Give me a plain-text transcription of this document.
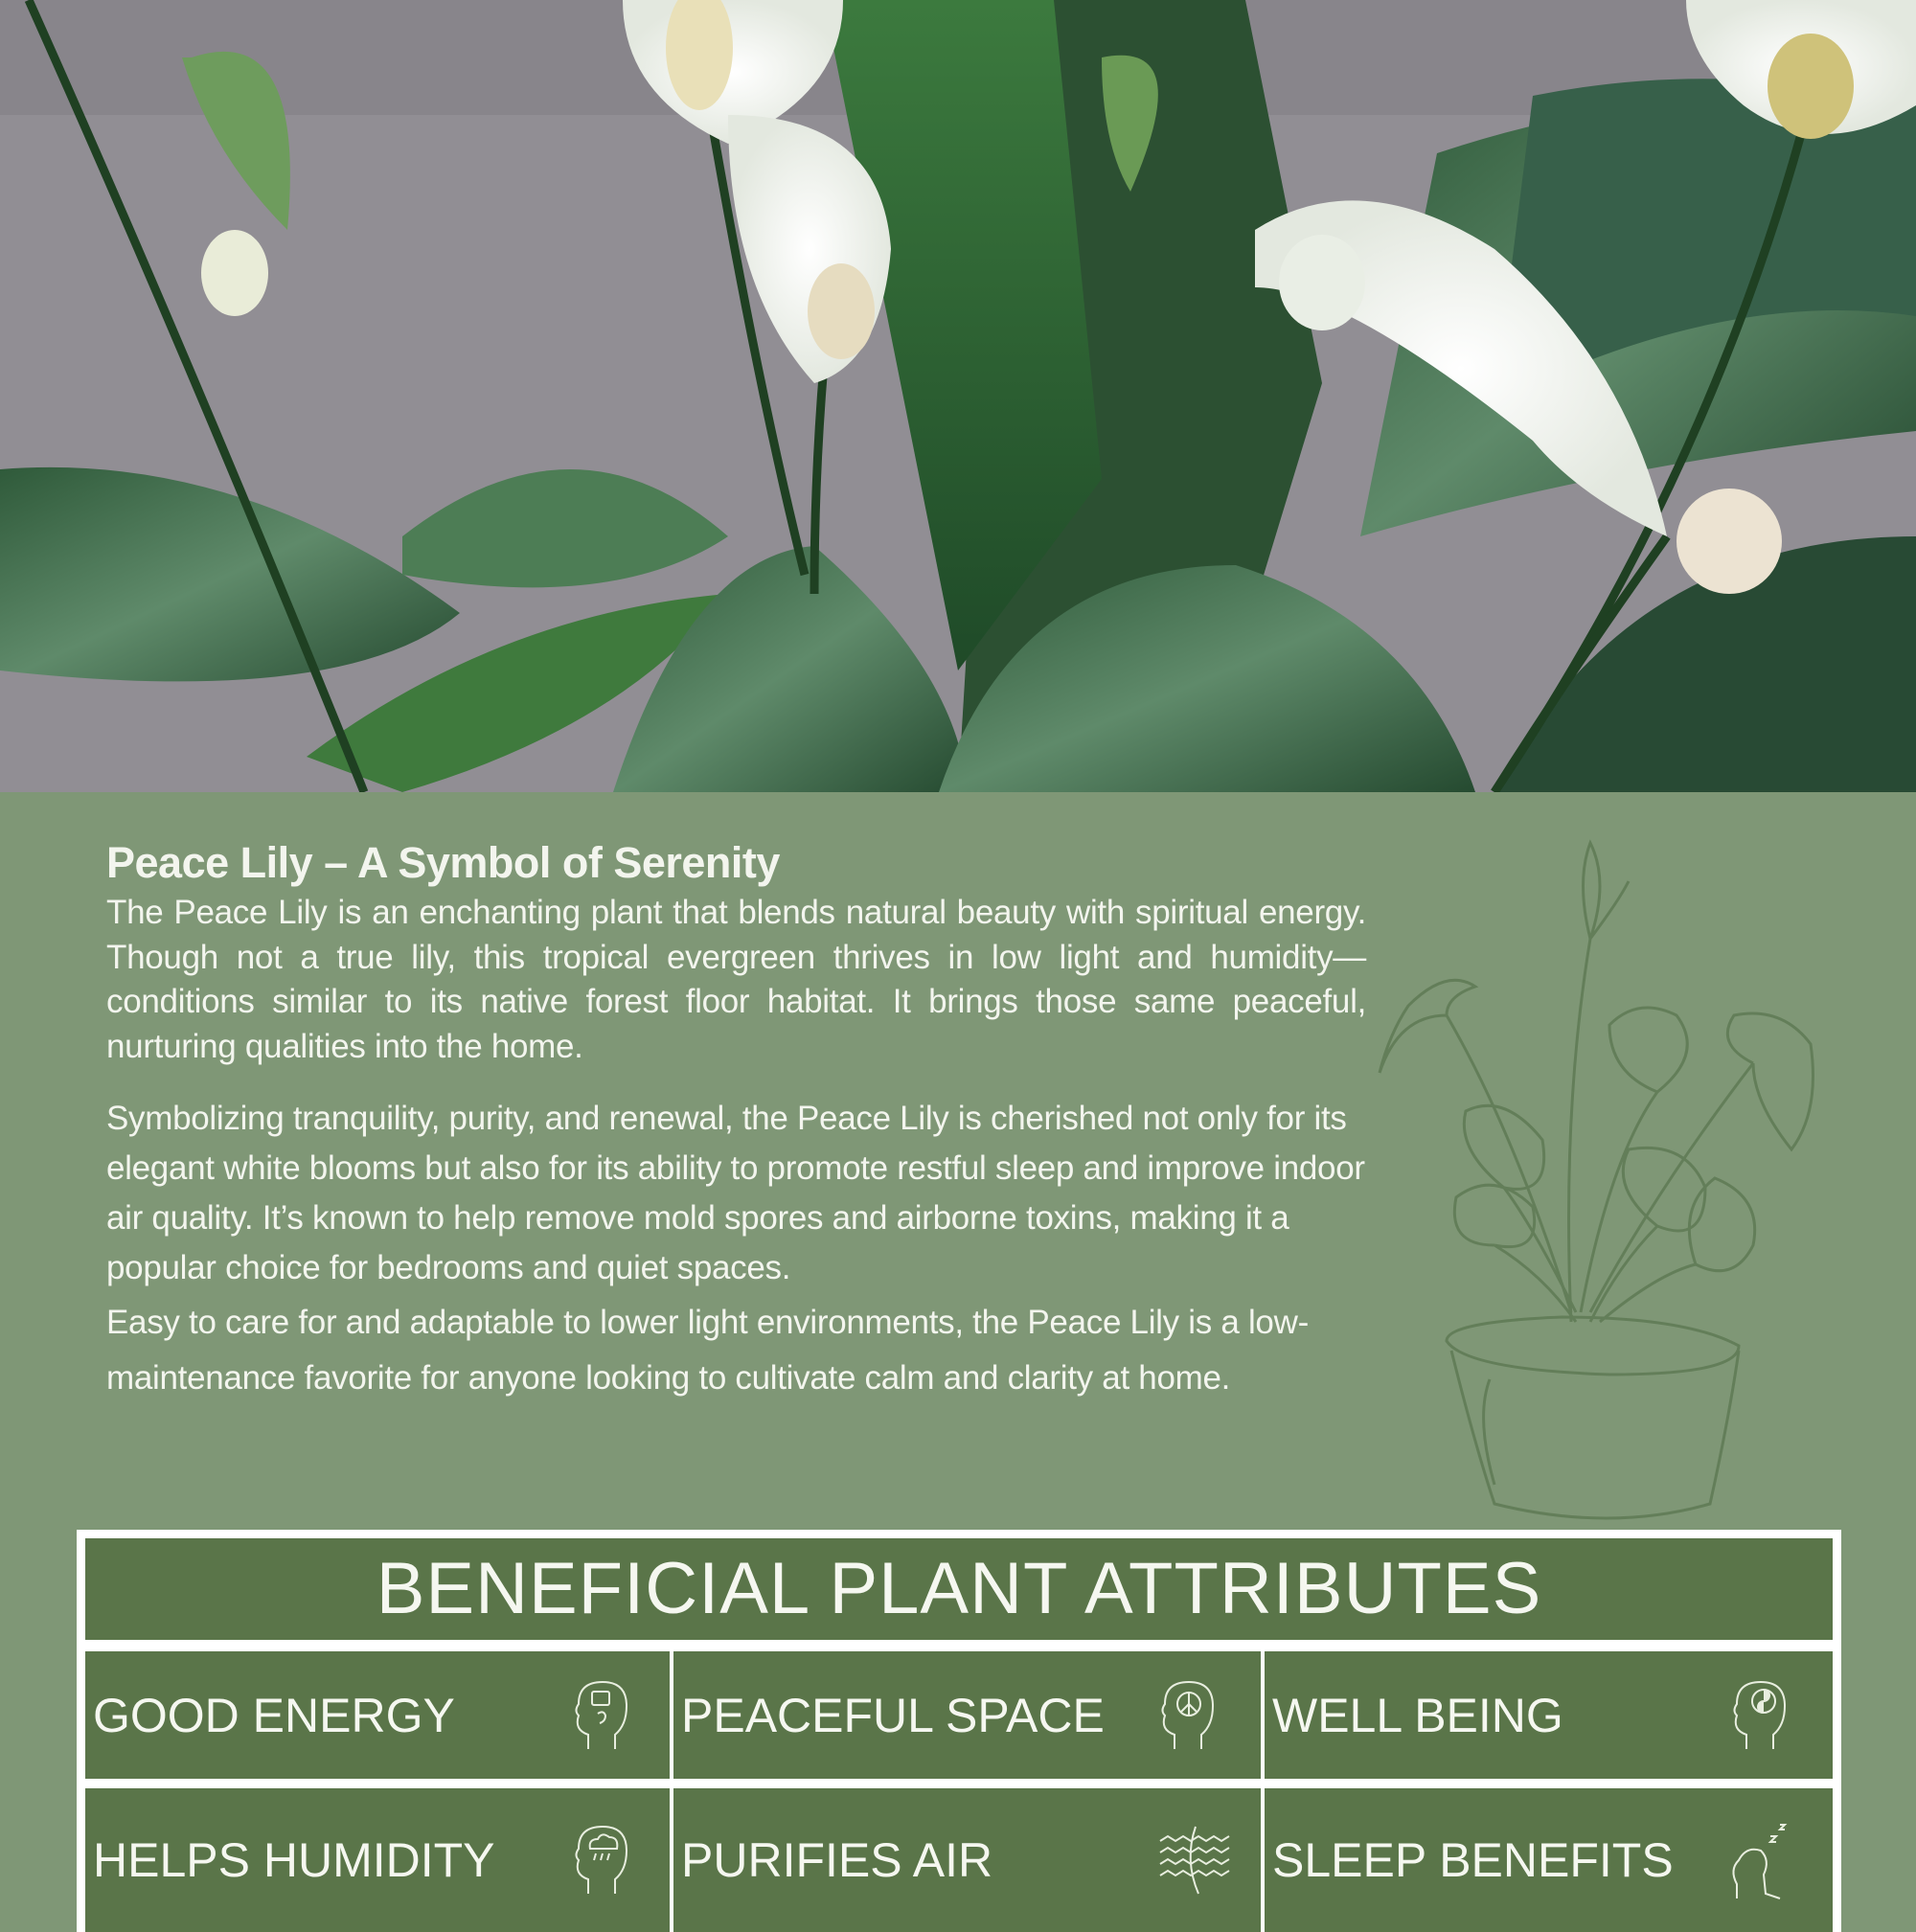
Peace Lily – A Symbol of Serenity

The Peace Lily is an enchanting plant that blends natural beauty with spiritual energy. Though not a true lily, this tropical evergreen thrives in low light and humidity—conditions similar to its native forest floor habitat. It brings those same peaceful, nurturing qualities into the home.

Symbolizing tranquility, purity, and renewal, the Peace Lily is cherished not only for its elegant white blooms but also for its ability to promote restful sleep and improve indoor air quality. It’s known to help remove mold spores and airborne toxins, making it a popular choice for bedrooms and quiet spaces.

Easy to care for and adaptable to lower light environments, the Peace Lily is a low-maintenance favorite for anyone looking to cultivate calm and clarity at home.

BENEFICIAL PLANT ATTRIBUTES
GOOD ENERGY	PEACEFUL SPACE	WELL BEING
HELPS HUMIDITY	PURIFIES AIR	SLEEP BENEFITS
